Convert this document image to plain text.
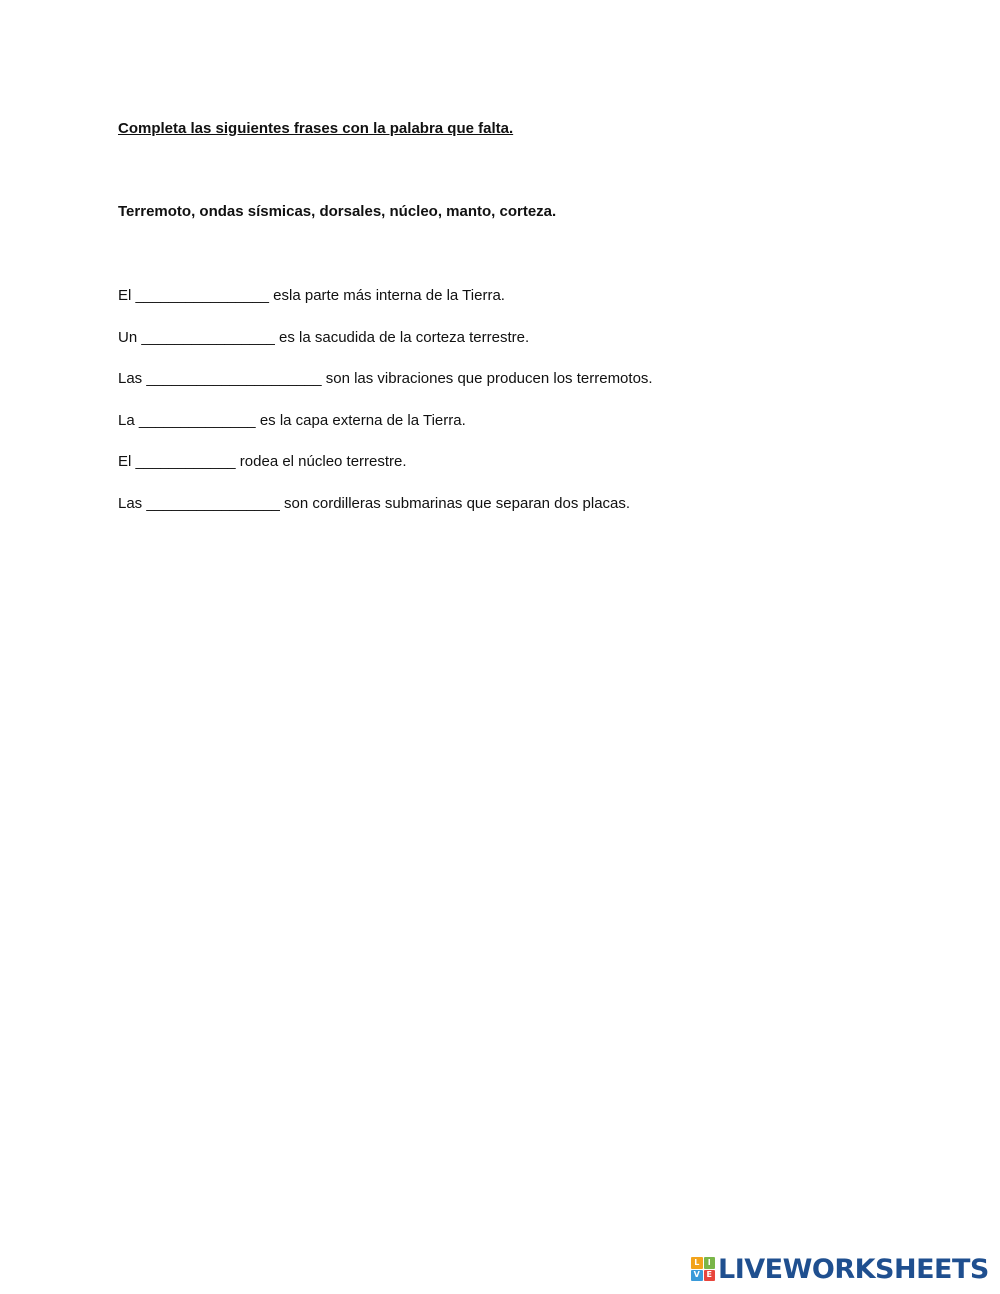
Completa las siguientes frases con la palabra que falta.
Terremoto, ondas sísmicas, dorsales, núcleo, manto, corteza.
El ________________ esla parte más interna de la Tierra.
Un ________________ es la sacudida de la corteza terrestre.
Las _____________________ son las vibraciones que producen los terremotos.
La ______________ es la capa externa de la Tierra.
El ____________ rodea el núcleo terrestre.
Las ________________ son cordilleras submarinas que separan dos placas.
L	I
V E LIVEWORKSHEETS
